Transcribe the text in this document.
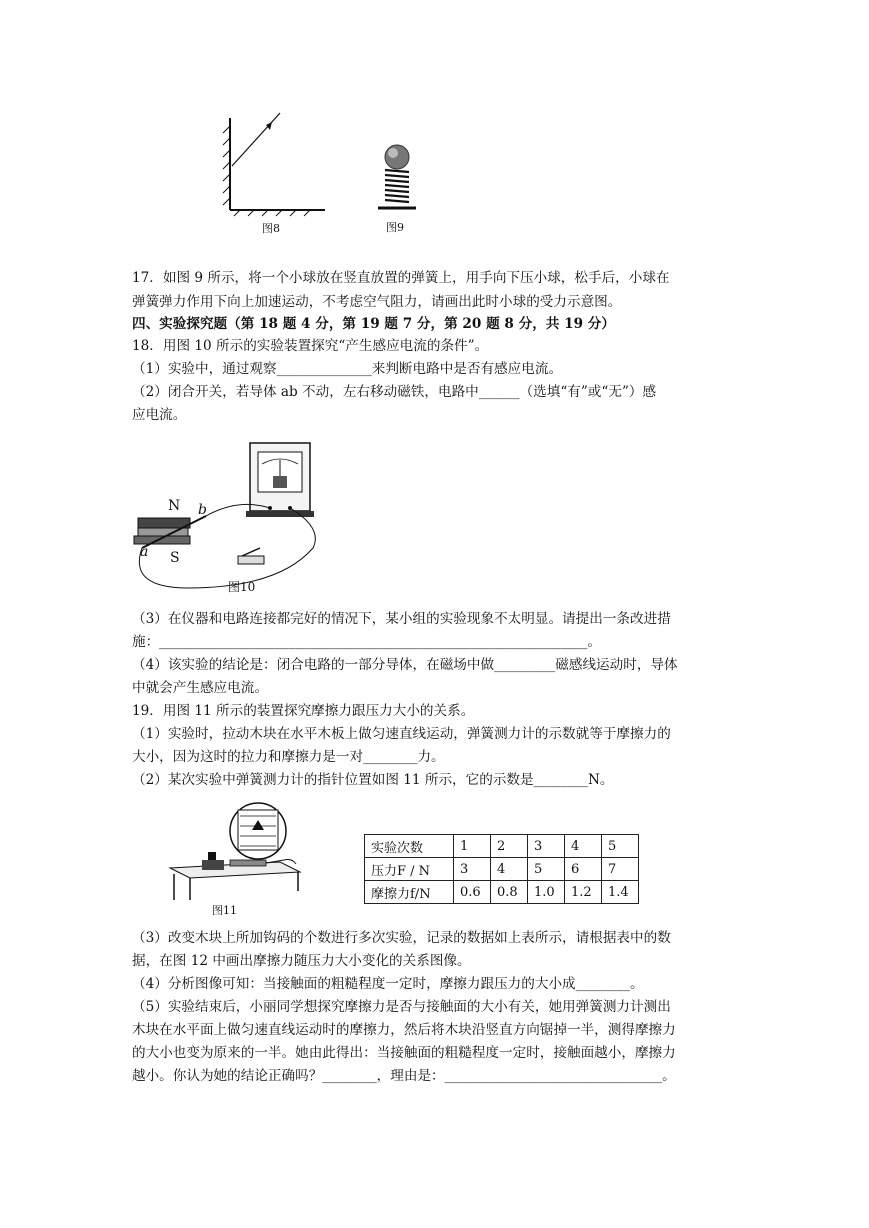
图8	图9
17．如图 9 所示，将一个小球放在竖直放置的弹簧上，用手向下压小球，松手后，小球在
弹簧弹力作用下向上加速运动，不考虑空气阻力，请画出此时小球的受力示意图。
四、实验探究题（第 18 题 4 分，第 19 题 7 分，第 20 题 8 分，共 19 分）
18．用图 10 所示的实验装置探究“产生感应电流的条件”。
（1）实验中，通过观察______________来判断电路中是否有感应电流。
（2）闭合开关，若导体 ab 不动，左右移动磁铁，电路中______（选填“有”或“无”）感
应电流。
N b
a S
图10
（3）在仪器和电路连接都完好的情况下，某小组的实验现象不太明显。请提出一条改进措
施：_______________________________________________________________。
（4）该实验的结论是：闭合电路的一部分导体，在磁场中做_________磁感线运动时，导体
中就会产生感应电流。
19．用图 11 所示的装置探究摩擦力跟压力大小的关系。
（1）实验时，拉动木块在水平木板上做匀速直线运动，弹簧测力计的示数就等于摩擦力的
大小，因为这时的拉力和摩擦力是一对________力。
（2）某次实验中弹簧测力计的指针位置如图 11 所示，它的示数是________N。
图11
实验次数	1	2	3	4	5
压力F / N	3	4	5	6	7
摩擦力f/N	0.6	0.8	1.0	1.2	1.4
（3）改变木块上所加钩码的个数进行多次实验，记录的数据如上表所示，请根据表中的数
据，在图 12 中画出摩擦力随压力大小变化的关系图像。
（4）分析图像可知：当接触面的粗糙程度一定时，摩擦力跟压力的大小成________。
（5）实验结束后，小丽同学想探究摩擦力是否与接触面的大小有关，她用弹簧测力计测出
木块在水平面上做匀速直线运动时的摩擦力，然后将木块沿竖直方向锯掉一半，测得摩擦力
的大小也变为原来的一半。她由此得出：当接触面的粗糙程度一定时，接触面越小，摩擦力
越小。你认为她的结论正确吗？________，理由是：________________________________。
